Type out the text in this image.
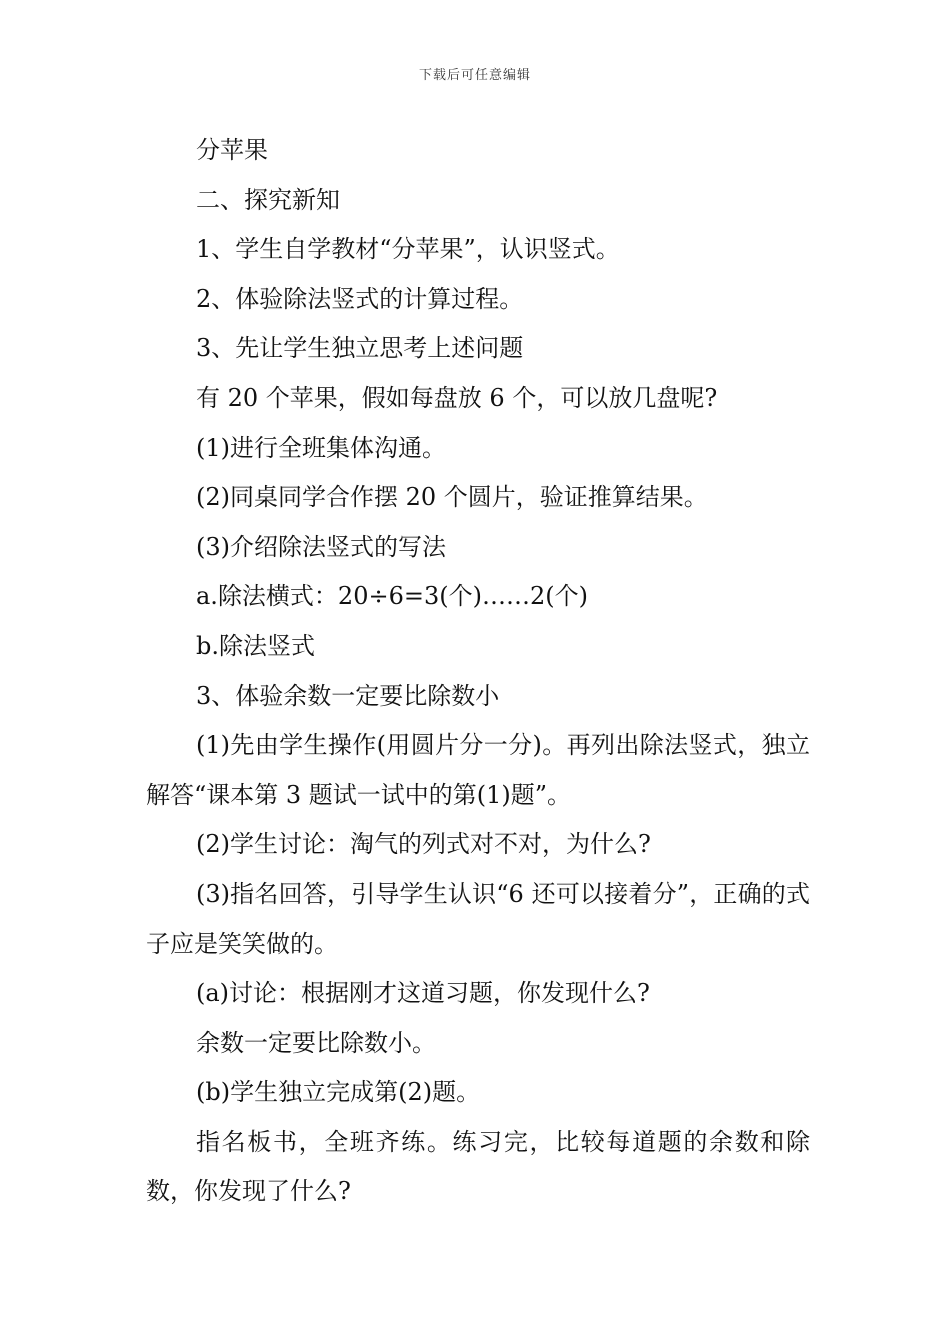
下载后可任意编辑

分苹果

二、探究新知

1、学生自学教材“分苹果”，认识竖式。

2、体验除法竖式的计算过程。

3、先让学生独立思考上述问题

有 20 个苹果，假如每盘放 6 个，可以放几盘呢?

(1)进行全班集体沟通。

(2)同桌同学合作摆 20 个圆片，验证推算结果。

(3)介绍除法竖式的写法

a.除法横式：20÷6=3(个)……2(个)

b.除法竖式

3、体验余数一定要比除数小

(1)先由学生操作(用圆片分一分)。再列出除法竖式，独立解答“课本第 3 题试一试中的第(1)题”。

(2)学生讨论：淘气的列式对不对，为什么?

(3)指名回答，引导学生认识“6 还可以接着分”，正确的式子应是笑笑做的。

(a)讨论：根据刚才这道习题，你发现什么?

余数一定要比除数小。

(b)学生独立完成第(2)题。

指名板书，全班齐练。练习完，比较每道题的余数和除数，你发现了什么?
